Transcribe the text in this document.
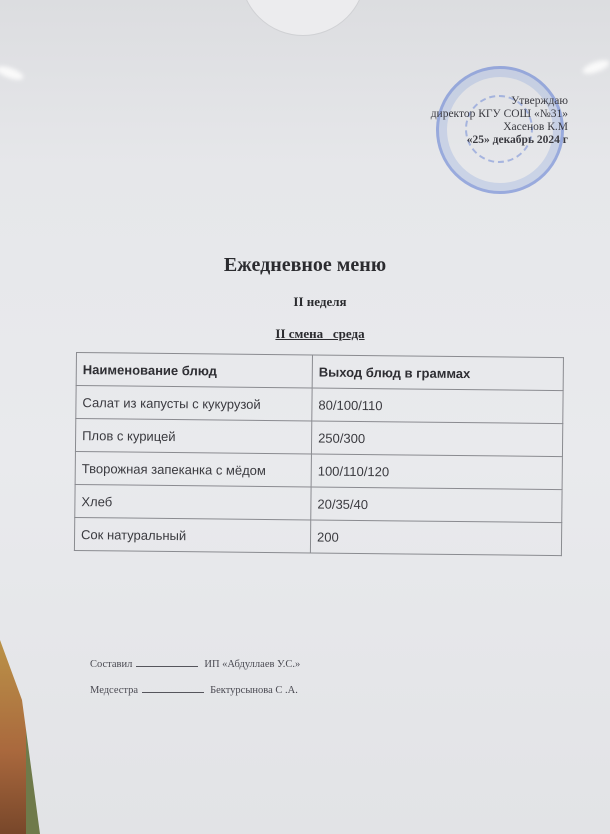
Утверждаю
директор КГУ СОШ «№31»
Хасенов К.М
«25» декабрь 2024 г
Ежедневное меню
II неделя
II смена   среда
Наименование блюд	Выход блюд в граммах
Салат из капусты с кукурузой	80/100/110
Плов с курицей	250/300
Творожная запеканка с мёдом	100/110/120
Хлеб	20/35/40
Сок натуральный	200
Составил	ИП «Абдуллаев У.С.»
Медсестра	Бектурсынова С .А.
